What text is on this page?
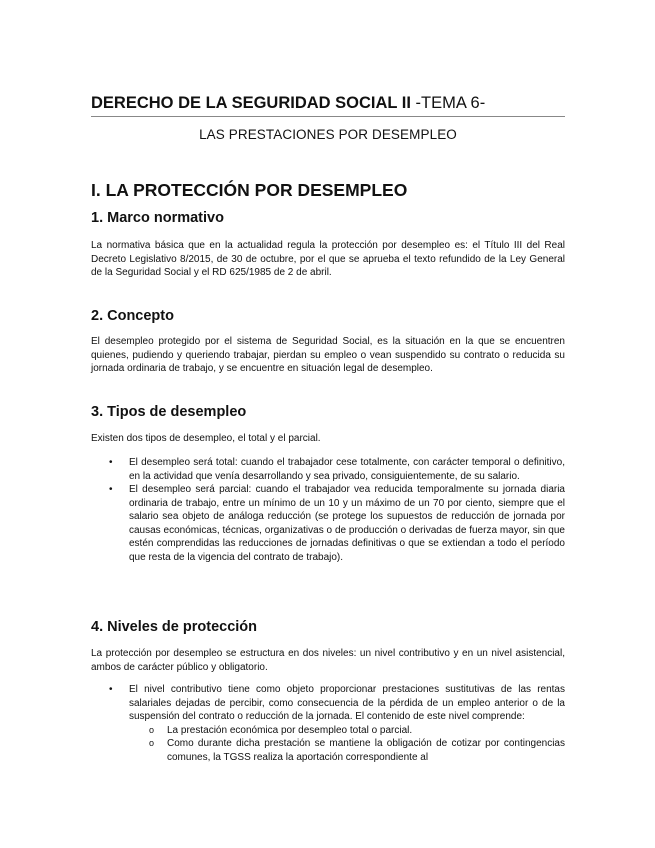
DERECHO DE LA SEGURIDAD SOCIAL II -TEMA 6-
LAS PRESTACIONES POR DESEMPLEO
I. LA PROTECCIÓN POR DESEMPLEO
1. Marco normativo

La normativa básica que en la actualidad regula la protección por desempleo es: el Título III del Real Decreto Legislativo 8/2015, de 30 de octubre, por el que se aprueba el texto refundido de la Ley General de la Seguridad Social y el RD 625/1985 de 2 de abril.

2. Concepto

El desempleo protegido por el sistema de Seguridad Social, es la situación en la que se encuentren quienes, pudiendo y queriendo trabajar, pierdan su empleo o vean suspendido su contrato o reducida su jornada ordinaria de trabajo, y se encuentre en situación legal de desempleo.

3. Tipos de desempleo

Existen dos tipos de desempleo, el total y el parcial.

• El desempleo será total: cuando el trabajador cese totalmente, con carácter temporal o definitivo, en la actividad que venía desarrollando y sea privado, consiguientemente, de su salario.
• El desempleo será parcial: cuando el trabajador vea reducida temporalmente su jornada diaria ordinaria de trabajo, entre un mínimo de un 10 y un máximo de un 70 por ciento, siempre que el salario sea objeto de análoga reducción (se protege los supuestos de reducción de jornada por causas económicas, técnicas, organizativas o de producción o derivadas de fuerza mayor, sin que estén comprendidas las reducciones de jornadas definitivas o que se extiendan a todo el período que resta de la vigencia del contrato de trabajo).
4. Niveles de protección

La protección por desempleo se estructura en dos niveles: un nivel contributivo y en un nivel asistencial, ambos de carácter público y obligatorio.

• El nivel contributivo tiene como objeto proporcionar prestaciones sustitutivas de las rentas salariales dejadas de percibir, como consecuencia de la pérdida de un empleo anterior o de la suspensión del contrato o reducción de la jornada. El contenido de este nivel comprende:
o La prestación económica por desempleo total o parcial.
o Como durante dicha prestación se mantiene la obligación de cotizar por contingencias comunes, la TGSS realiza la aportación correspondiente al
